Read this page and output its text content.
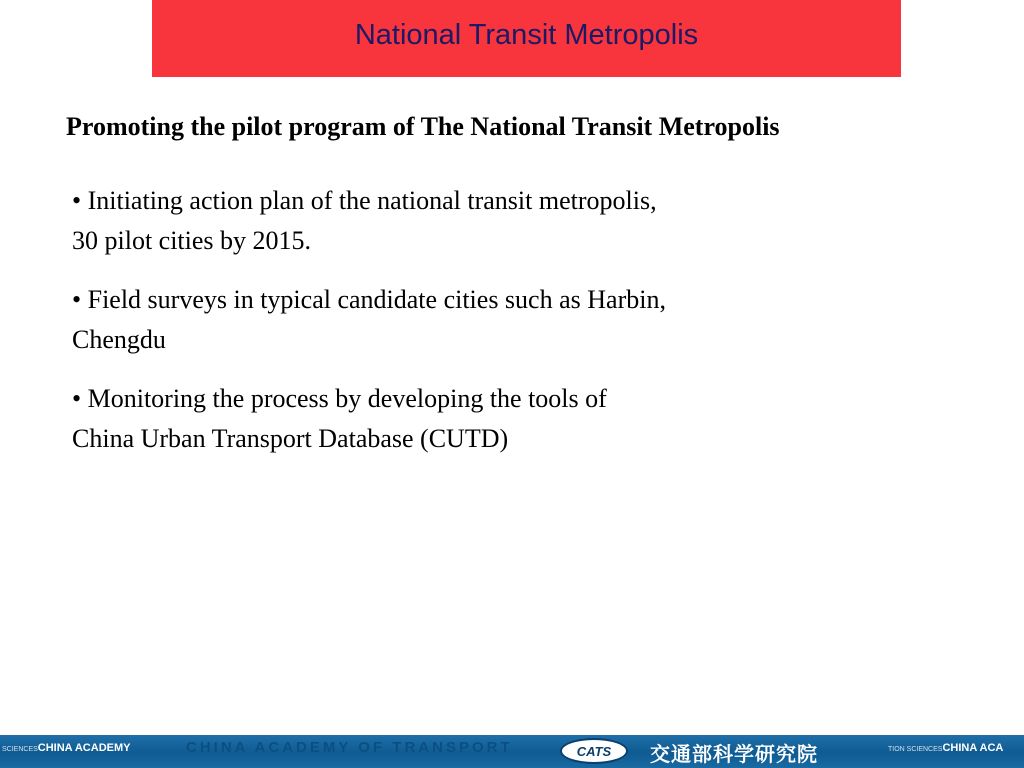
National Transit Metropolis
Promoting the pilot program of The National Transit Metropolis
• Initiating action plan of the national transit metropolis,
30 pilot cities by 2015.
• Field surveys in typical candidate cities such as Harbin,
Chengdu
• Monitoring the process by developing the tools of
China Urban Transport Database (CUTD)
SCIENCESCHINA ACADEMY	CHINA ACADEMY OF TRANSPORT	CATS	交通部科学研究院	TION SCIENCESCHINA ACA
